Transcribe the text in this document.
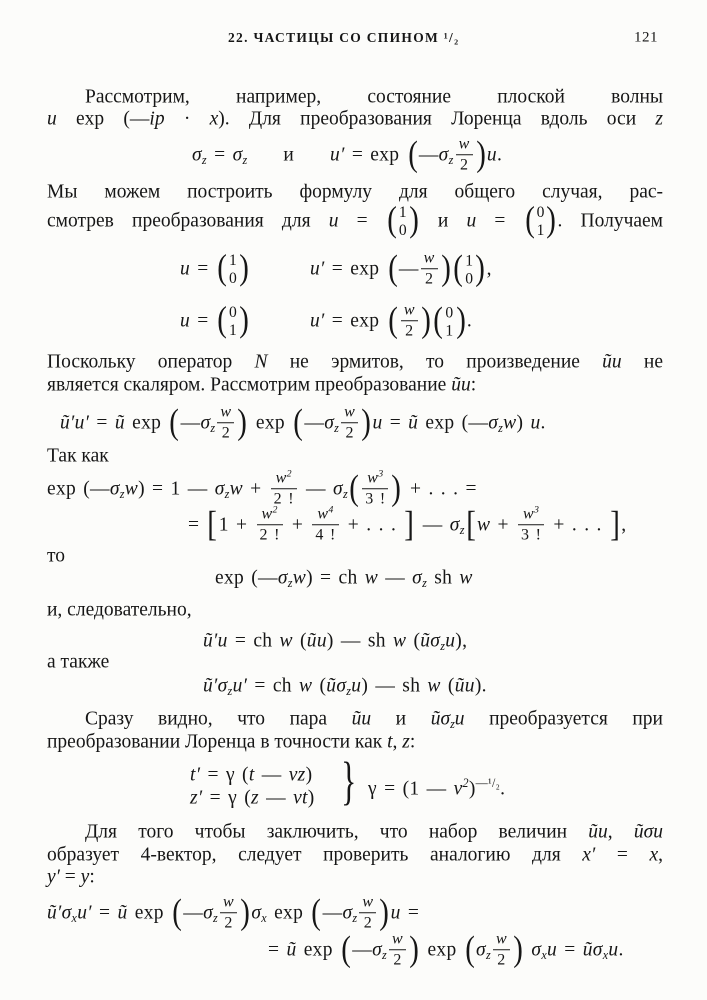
22. ЧАСТИЦЫ СО СПИНОМ ¹/₂	121
Рассмотрим, например, состояние плоской волны
u exp (—ip · x). Для преобразования Лоренца вдоль оси z
$\sigma_z = \sigma_z$     и     $u' = \exp (—\sigma_z \frac{w}{2} )u$.
Мы можем построить формулу для общего случая, рас-
смотрев преобразования для u = ( 1
0 ) и u = ( 0
1 ) . Получаем
u = ( 1
0 )	u′ = exp (— $\frac{w}{2}$ ) ( 1
0 ) ,
u = ( 0
1 )	u′ = exp ( $\frac{w}{2}$ ) ( 0
1 ) .
Поскольку оператор N не эрмитов, то произведение ũu не
является скаляром. Рассмотрим преобразование ũu:
ũ′u′ = ũ $\exp (—\sigma_z \frac{w}{2}$ ) $\exp (—\sigma_z \frac{w}{2} )u$ = ũ $\exp (—\sigma_zw)$ u.
Так как
$\exp (—\sigma_zw) = 1$ — $\sigma_zw + \frac{w^2}{2 !}$ — $\sigma_z( \frac{w^3}{3 !}$ ) + . . . =
= [$1 + \frac{w^2}{2 !} + \frac{w^4}{4 !}$ + . . . ] — $\sigma_z[w + \frac{w^3}{3 !}$ + . . . ],
то
$\exp (—\sigma_zw)$ = ch w — $\sigma_z$ sh w
и, следовательно,
ũ′u = ch w (ũu) — sh w $(ũ\sigma_zu)$,
а также
$ũ'\sigma_zu'$ = ch w $(ũ\sigma_zu)$ — sh w (ũu).
Сразу видно, что пара ũu и $ũ\sigma_zu$ преобразуется при
преобразовании Лоренца в точности как t, z:
t′ = γ (t — vz)
z′ = γ (z — vt) } γ = (1 — $v^2)^{—^1/_2}$.
Для того чтобы заключить, что набор величин ũu, ũσu
образует 4-вектор, следует проверить аналогию для x′ = x,
y′ = y:
$ũ'\sigma_xu'$ = ũ $\exp (—\sigma_z \frac{w}{2} )\sigma_x$ $\exp (—\sigma_z \frac{w}{2} )u$ =
= ũ $\exp (—\sigma_z \frac{w}{2}$ ) $\exp (\sigma_z \frac{w}{2}$ ) $\sigma_xu$ = $ũ\sigma_xu$.
